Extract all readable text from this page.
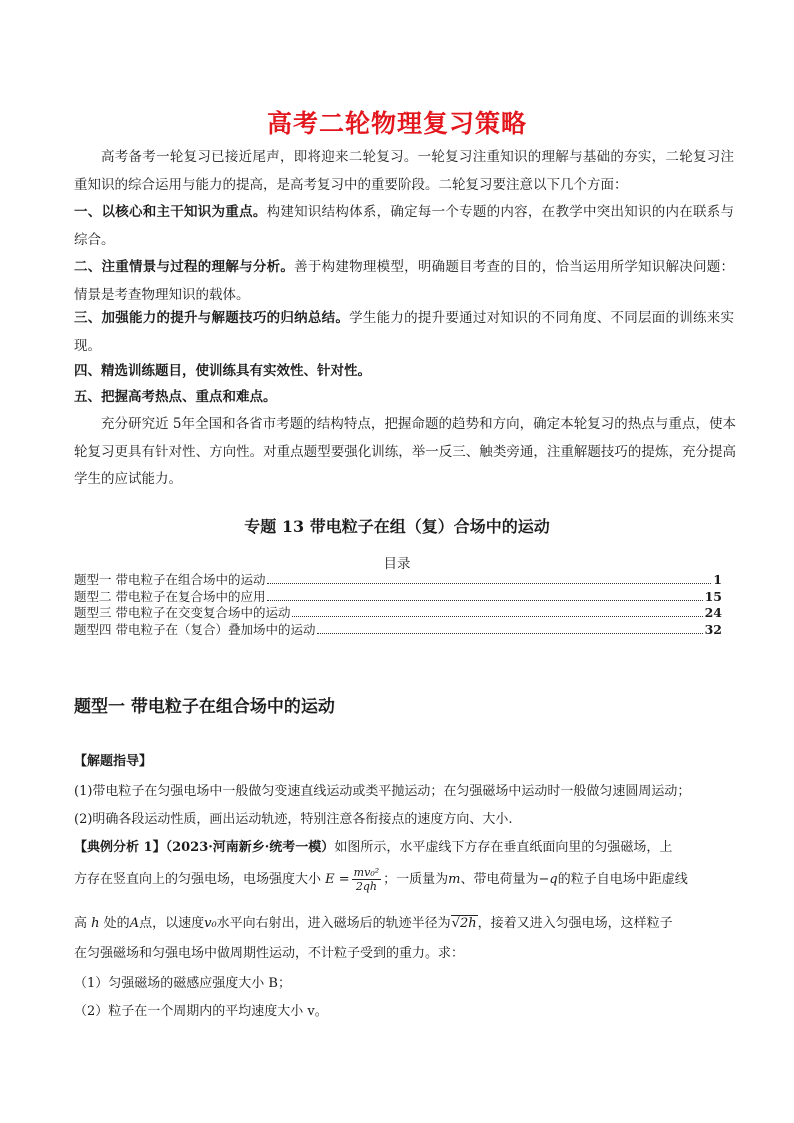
高考二轮物理复习策略

高考备考一轮复习已接近尾声，即将迎来二轮复习。一轮复习注重知识的理解与基础的夯实，二轮复习注重知识的综合运用与能力的提高，是高考复习中的重要阶段。二轮复习要注意以下几个方面：

一、以核心和主干知识为重点。构建知识结构体系，确定每一个专题的内容，在教学中突出知识的内在联系与综合。

二、注重情景与过程的理解与分析。善于构建物理模型，明确题目考查的目的，恰当运用所学知识解决问题：情景是考查物理知识的载体。

三、加强能力的提升与解题技巧的归纳总结。学生能力的提升要通过对知识的不同角度、不同层面的训练来实现。

四、精选训练题目，使训练具有实效性、针对性。

五、把握高考热点、重点和难点。

充分研究近 5年全国和各省市考题的结构特点，把握命题的趋势和方向，确定本轮复习的热点与重点，使本轮复习更具有针对性、方向性。对重点题型要强化训练，举一反三、触类旁通，注重解题技巧的提炼，充分提高学生的应试能力。

专题 13 带电粒子在组（复）合场中的运动
目录
题型一 带电粒子在组合场中的运动	1
题型二 带电粒子在复合场中的应用	15
题型三 带电粒子在交变复合场中的运动	24
题型四 带电粒子在（复合）叠加场中的运动	32
题型一 带电粒子在组合场中的运动
【解题指导】

(1)带电粒子在匀强电场中一般做匀变速直线运动或类平抛运动；在匀强磁场中运动时一般做匀速圆周运动；

(2)明确各段运动性质，画出运动轨迹，特别注意各衔接点的速度方向、大小.

【典例分析 1】（2023·河南新乡·统考一模）如图所示，水平虚线下方存在垂直纸面向里的匀强磁场，上

方存在竖直向上的匀强电场，电场强度大小 $E = \frac{\text{mv₀²}}{2qh}$ ；一质量为m、带电荷量为−q的粒子自电场中距虚线

高 h 处的A点，以速度v₀水平向右射出，进入磁场后的轨迹半径为√2h，接着又进入匀强电场，这样粒子

在匀强磁场和匀强电场中做周期性运动，不计粒子受到的重力。求：

（1）匀强磁场的磁感应强度大小 B；

（2）粒子在一个周期内的平均速度大小 v。
